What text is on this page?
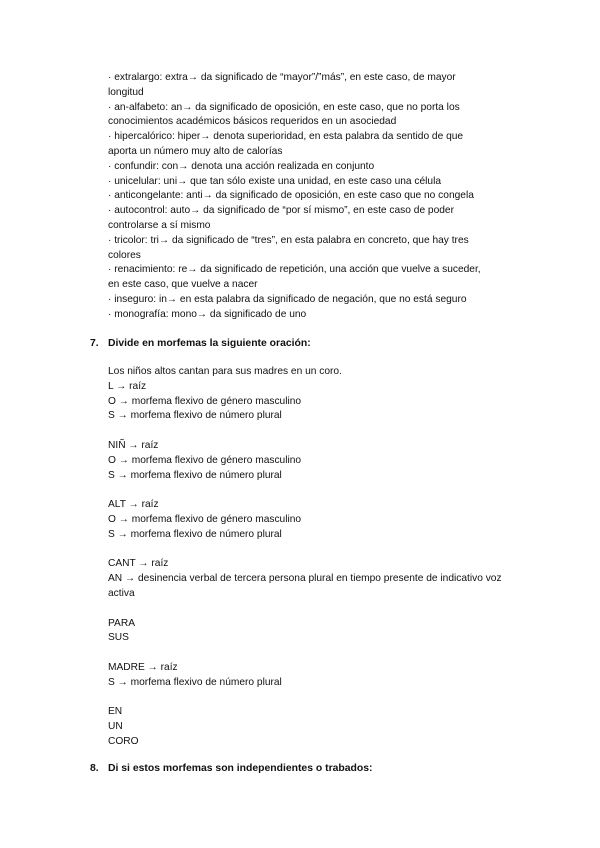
· extralargo: extra→ da significado de “mayor”/”más”, en este caso, de mayor longitud

· an-alfabeto: an→ da significado de oposición, en este caso, que no porta los conocimientos académicos básicos requeridos en un asociedad

· hipercalórico: hiper→ denota superioridad, en esta palabra da sentido de que aporta un número muy alto de calorías

· confundir: con→ denota una acción realizada en conjunto

· unicelular: uni→ que tan sólo existe una unidad, en este caso una célula

· anticongelante: anti→ da significado de oposición, en este caso que no congela

· autocontrol: auto→ da significado de “por sí mismo”, en este caso de poder controlarse a sí mismo

· tricolor: tri→ da significado de “tres”, en esta palabra en concreto, que hay tres colores

· renacimiento: re→ da significado de repetición, una acción que vuelve a suceder, en este caso, que vuelve a nacer

· inseguro: in→ en esta palabra da significado de negación, que no está seguro

· monografía: mono→ da significado de uno

7. Divide en morfemas la siguiente oración:

Los niños altos cantan para sus madres en un coro.

L → raíz

O → morfema flexivo de género masculino

S → morfema flexivo de número plural

NIÑ → raíz

O → morfema flexivo de género masculino

S → morfema flexivo de número plural

ALT → raíz

O → morfema flexivo de género masculino

S → morfema flexivo de número plural

CANT → raíz

AN → desinencia verbal de tercera persona plural en tiempo presente de indicativo voz activa

PARA

SUS

MADRE → raíz

S → morfema flexivo de número plural

EN

UN

CORO

8. Di si estos morfemas son independientes o trabados:
